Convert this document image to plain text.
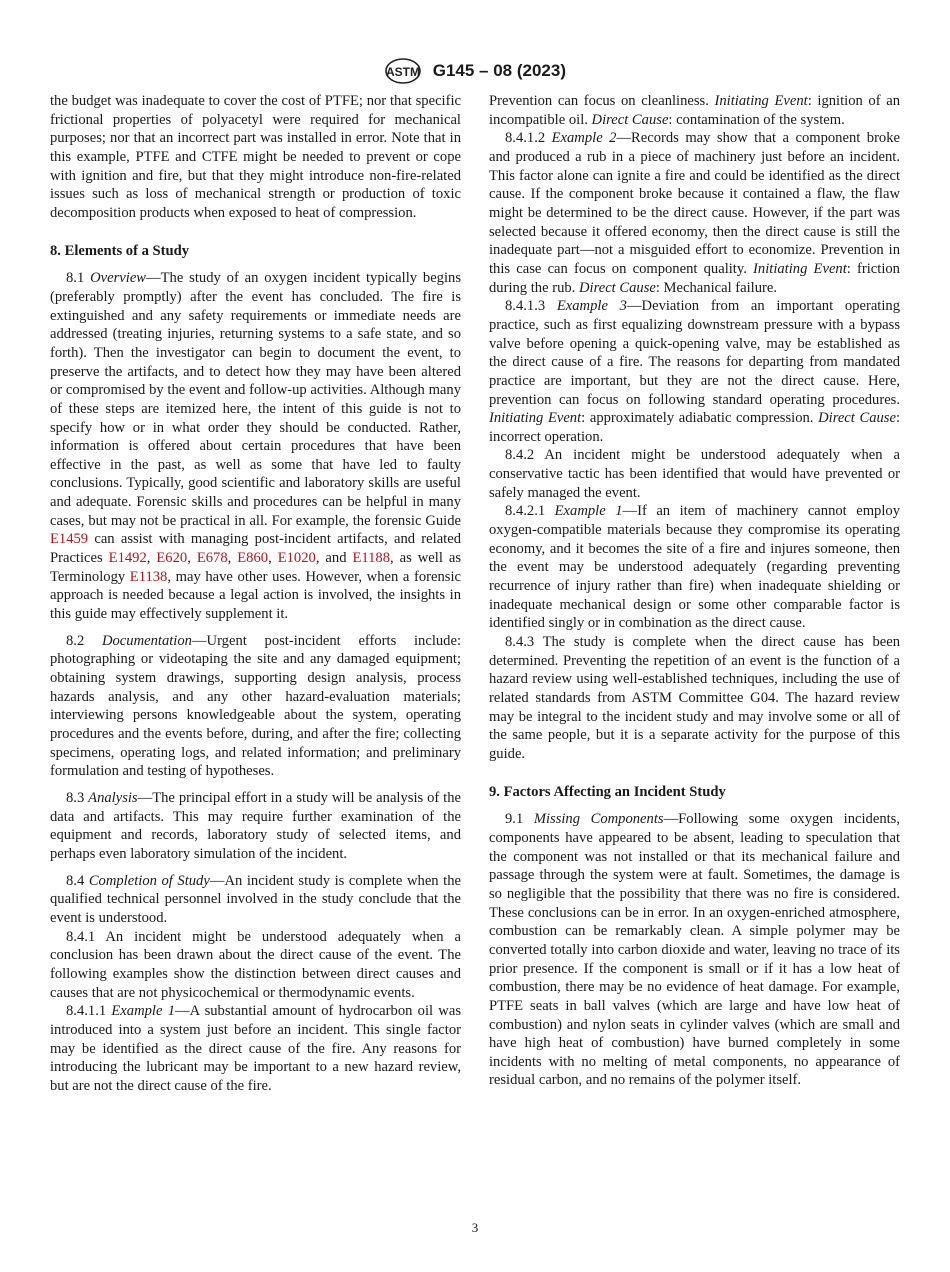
ASTM G145 – 08 (2023)

the budget was inadequate to cover the cost of PTFE; nor that specific frictional properties of polyacetyl were required for mechanical purposes; nor that an incorrect part was installed in error. Note that in this example, PTFE and CTFE might be needed to prevent or cope with ignition and fire, but that they might introduce non-fire-related issues such as loss of mechanical strength or production of toxic decomposition products when exposed to heat of compression.

8. Elements of a Study

8.1 Overview—The study of an oxygen incident typically begins (preferably promptly) after the event has concluded. The fire is extinguished and any safety requirements or immediate needs are addressed (treating injuries, returning systems to a safe state, and so forth). Then the investigator can begin to document the event, to preserve the artifacts, and to detect how they may have been altered or compromised by the event and follow-up activities. Although many of these steps are itemized here, the intent of this guide is not to specify how or in what order they should be conducted. Rather, information is offered about certain procedures that have been effective in the past, as well as some that have led to faulty conclusions. Typically, good scientific and laboratory skills are useful and adequate. Forensic skills and procedures can be helpful in many cases, but may not be practical in all. For example, the forensic Guide E1459 can assist with managing post-incident artifacts, and related Practices E1492, E620, E678, E860, E1020, and E1188, as well as Terminology E1138, may have other uses. However, when a forensic approach is needed because a legal action is involved, the insights in this guide may effectively supplement it.

8.2 Documentation—Urgent post-incident efforts include: photographing or videotaping the site and any damaged equipment; obtaining system drawings, supporting design analysis, process hazards analysis, and any other hazard-evaluation materials; interviewing persons knowledgeable about the system, operating procedures and the events before, during, and after the fire; collecting specimens, operating logs, and related information; and preliminary formulation and testing of hypotheses.

8.3 Analysis—The principal effort in a study will be analysis of the data and artifacts. This may require further examination of the equipment and records, laboratory study of selected items, and perhaps even laboratory simulation of the incident.

8.4 Completion of Study—An incident study is complete when the qualified technical personnel involved in the study conclude that the event is understood.

8.4.1 An incident might be understood adequately when a conclusion has been drawn about the direct cause of the event. The following examples show the distinction between direct causes and causes that are not physicochemical or thermodynamic events.

8.4.1.1 Example 1—A substantial amount of hydrocarbon oil was introduced into a system just before an incident. This single factor may be identified as the direct cause of the fire. Any reasons for introducing the lubricant may be important to a new hazard review, but are not the direct cause of the fire.

Prevention can focus on cleanliness. Initiating Event: ignition of an incompatible oil. Direct Cause: contamination of the system.

8.4.1.2 Example 2—Records may show that a component broke and produced a rub in a piece of machinery just before an incident. This factor alone can ignite a fire and could be identified as the direct cause. If the component broke because it contained a flaw, the flaw might be determined to be the direct cause. However, if the part was selected because it offered economy, then the direct cause is still the inadequate part—not a misguided effort to economize. Prevention in this case can focus on component quality. Initiating Event: friction during the rub. Direct Cause: Mechanical failure.

8.4.1.3 Example 3—Deviation from an important operating practice, such as first equalizing downstream pressure with a bypass valve before opening a quick-opening valve, may be established as the direct cause of a fire. The reasons for departing from mandated practice are important, but they are not the direct cause. Here, prevention can focus on following standard operating procedures. Initiating Event: approximately adiabatic compression. Direct Cause: incorrect operation.

8.4.2 An incident might be understood adequately when a conservative tactic has been identified that would have prevented or safely managed the event.

8.4.2.1 Example 1—If an item of machinery cannot employ oxygen-compatible materials because they compromise its operating economy, and it becomes the site of a fire and injures someone, then the event may be understood adequately (regarding preventing recurrence of injury rather than fire) when inadequate shielding or inadequate mechanical design or some other comparable factor is identified singly or in combination as the direct cause.

8.4.3 The study is complete when the direct cause has been determined. Preventing the repetition of an event is the function of a hazard review using well-established techniques, including the use of related standards from ASTM Committee G04. The hazard review may be integral to the incident study and may involve some or all of the same people, but it is a separate activity for the purpose of this guide.

9. Factors Affecting an Incident Study

9.1 Missing Components—Following some oxygen incidents, components have appeared to be absent, leading to speculation that the component was not installed or that its mechanical failure and passage through the system were at fault. Sometimes, the damage is so negligible that the possibility that there was no fire is considered. These conclusions can be in error. In an oxygen-enriched atmosphere, combustion can be remarkably clean. A simple polymer may be converted totally into carbon dioxide and water, leaving no trace of its prior presence. If the component is small or if it has a low heat of combustion, there may be no evidence of heat damage. For example, PTFE seats in ball valves (which are large and have low heat of combustion) and nylon seats in cylinder valves (which are small and have high heat of combustion) have burned completely in some incidents with no melting of metal components, no appearance of residual carbon, and no remains of the polymer itself.

3
